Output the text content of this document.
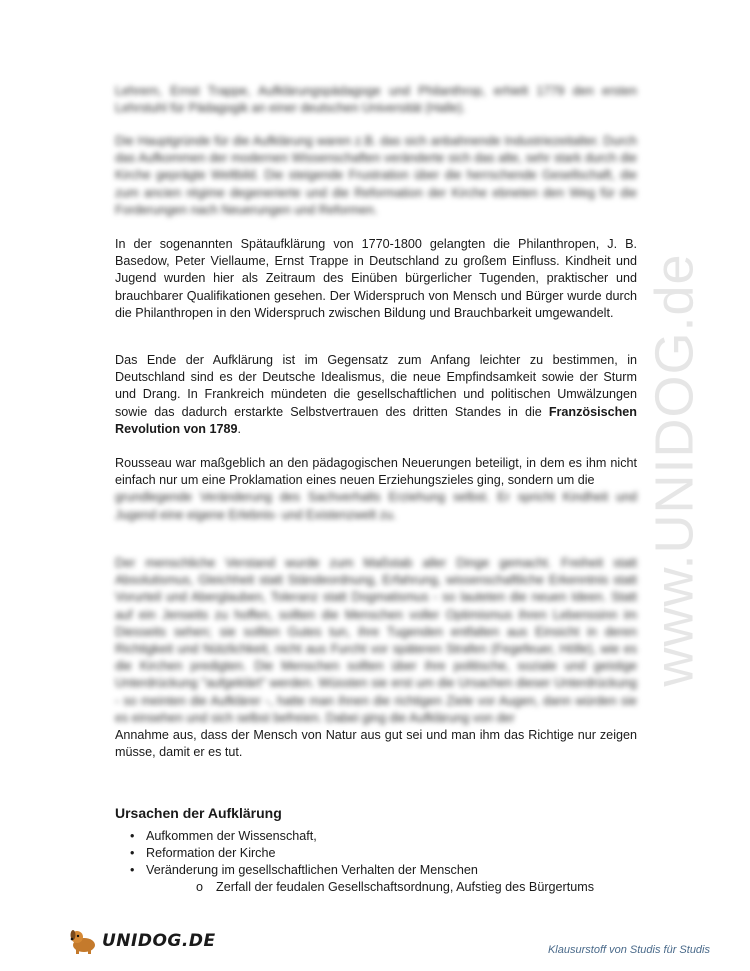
Lehrern, Ernst Trappe, Aufklärungspädagoge und Philanthrop, erhielt 1779 den ersten Lehrstuhl für Pädagogik an einer deutschen Universität (Halle).

Die Hauptgründe für die Aufklärung waren z.B. das sich anbahnende Industriezeitalter. Durch das Aufkommen der modernen Wissenschaften veränderte sich das alte, sehr stark durch die Kirche geprägte Weltbild. Die steigende Frustration über die herrschende Gesellschaft, die zum ancien régime degenerierte und die Reformation der Kirche ebneten den Weg für die Forderungen nach Neuerungen und Reformen.

In der sogenannten Spätaufklärung von 1770-1800 gelangten die Philanthropen, J. B. Basedow, Peter Viellaume, Ernst Trappe in Deutschland zu großem Einfluss. Kindheit und Jugend wurden hier als Zeitraum des Einüben bürgerlicher Tugenden, praktischer und brauchbarer Qualifikationen gesehen. Der Widerspruch von Mensch und Bürger wurde durch die Philanthropen in den Widerspruch zwischen Bildung und Brauchbarkeit umgewandelt.

Das Ende der Aufklärung ist im Gegensatz zum Anfang leichter zu bestimmen, in Deutschland sind es der Deutsche Idealismus, die neue Empfindsamkeit sowie der Sturm und Drang. In Frankreich mündeten die gesellschaftlichen und politischen Umwälzungen sowie das dadurch erstarkte Selbstvertrauen des dritten Standes in die Französischen Revolution von 1789.

Rousseau war maßgeblich an den pädagogischen Neuerungen beteiligt, in dem es ihm nicht einfach nur um eine Proklamation eines neuen Erziehungszieles ging, sondern um die
grundlegende Veränderung des Sachverhalts Erziehung selbst. Er spricht Kindheit und Jugend eine eigene Erlebnis- und Existenzwelt zu.

Der menschliche Verstand wurde zum Maßstab aller Dinge gemacht. Freiheit statt Absolutismus, Gleichheit statt Ständeordnung, Erfahrung, wissenschaftliche Erkenntnis statt Vorurteil und Aberglauben, Toleranz statt Dogmatismus - so lauteten die neuen Ideen. Statt auf ein Jenseits zu hoffen, sollten die Menschen voller Optimismus ihren Lebenssinn im Diesseits sehen; sie sollten Gutes tun, ihre Tugenden entfalten aus Einsicht in deren Richtigkeit und Nützlichkeit, nicht aus Furcht vor späteren Strafen (Fegefeuer, Hölle), wie es die Kirchen predigten. Die Menschen sollten über ihre politische, soziale und geistige Unterdrückung "aufgeklärt" werden. Wüssten sie erst um die Ursachen dieser Unterdrückung - so meinten die Aufklärer -, hatte man ihnen die richtigen Ziele vor Augen, dann würden sie es einsehen und sich selbst befreien. Dabei ging die Aufklärung von der
Annahme aus, dass der Mensch von Natur aus gut sei und man ihm das Richtige nur zeigen müsse, damit er es tut.

Ursachen der Aufklärung
• Aufkommen der Wissenschaft,
• Reformation der Kirche
• Veränderung im gesellschaftlichen Verhalten der Menschen
o Zerfall der feudalen Gesellschaftsordnung, Aufstieg des Bürgertums
www.UNIDOG.de
UNIDOG.DE	Klausurstoff von Studis für Studis
